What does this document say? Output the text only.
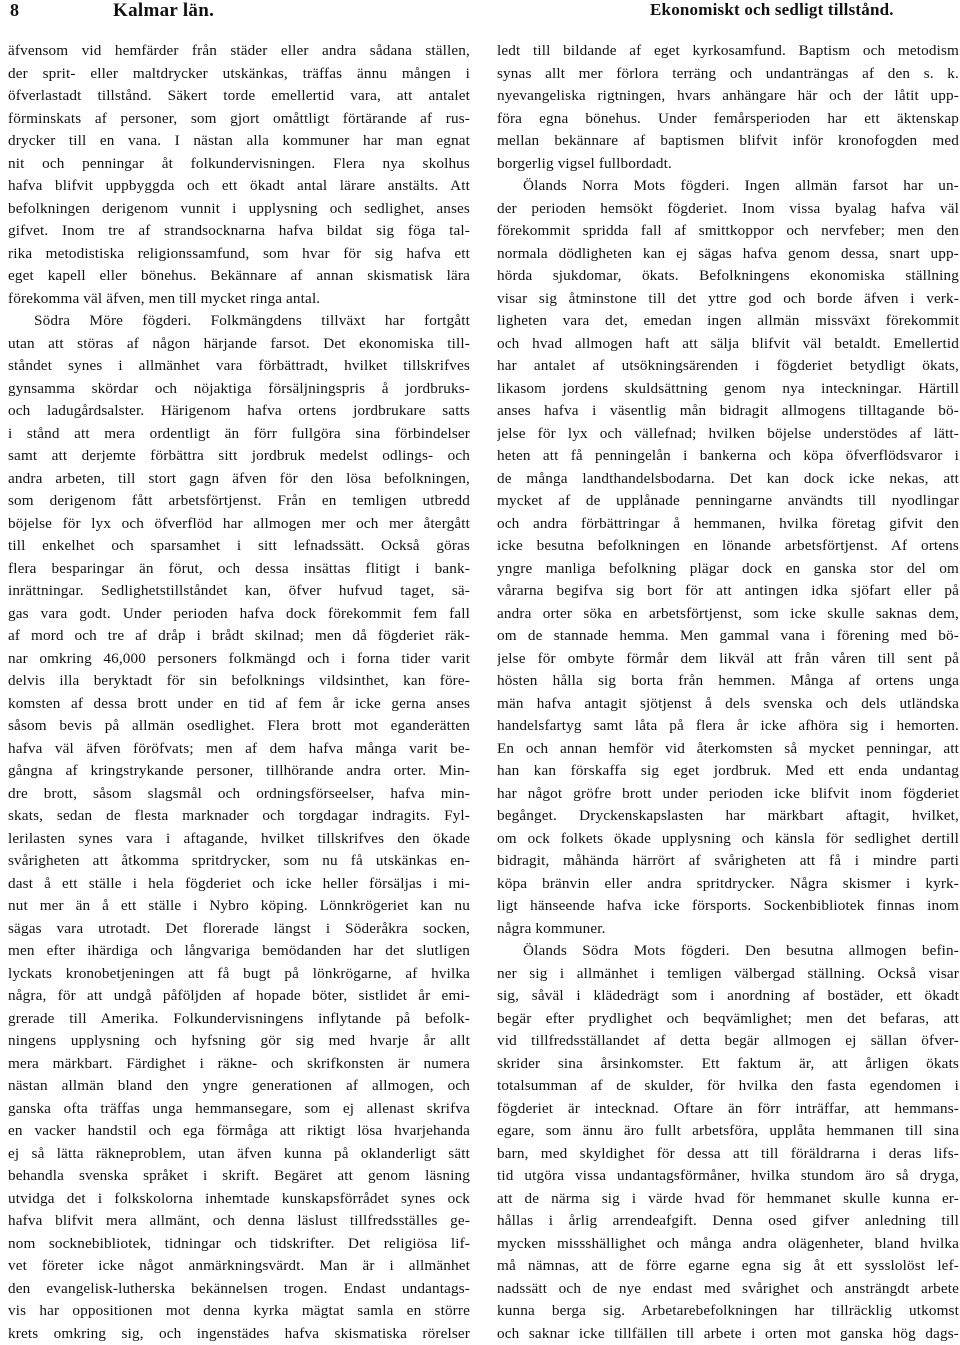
8	Kalmar län.	Ekonomiskt och sedligt tillstånd.
äfvensom vid hemfärder från städer eller andra sådana ställen,
der sprit- eller maltdrycker utskänkas, träffas ännu mången i
öfverlastadt tillstånd. Säkert torde emellertid vara, att antalet
förminskats af personer, som gjort omåttligt förtärande af rus-
drycker till en vana. I nästan alla kommuner har man egnat
nit och penningar åt folkundervisningen. Flera nya skolhus
hafva blifvit uppbyggda och ett ökadt antal lärare anstälts. Att
befolkningen derigenom vunnit i upplysning och sedlighet, anses
gifvet. Inom tre af strandsocknarna hafva bildat sig föga tal-
rika metodistiska religionssamfund, som hvar för sig hafva ett
eget kapell eller bönehus. Bekännare af annan skismatisk lära
förekomma väl äfven, men till mycket ringa antal.
Södra Möre fögderi. Folkmängdens tillväxt har fortgått
utan att störas af någon härjande farsot. Det ekonomiska till-
ståndet synes i allmänhet vara förbättradt, hvilket tillskrifves
gynsamma skördar och nöjaktiga försäljningspris å jordbruks-
och ladugårdsalster. Härigenom hafva ortens jordbrukare satts
i stånd att mera ordentligt än förr fullgöra sina förbindelser
samt att derjemte förbättra sitt jordbruk medelst odlings- och
andra arbeten, till stort gagn äfven för den lösa befolkningen,
som derigenom fått arbetsförtjenst. Från en temligen utbredd
böjelse för lyx och öfverflöd har allmogen mer och mer återgått
till enkelhet och sparsamhet i sitt lefnadssätt. Också göras
flera besparingar än förut, och dessa insättas flitigt i bank-
inrättningar. Sedlighetstillståndet kan, öfver hufvud taget, sä-
gas vara godt. Under perioden hafva dock förekommit fem fall
af mord och tre af dråp i brådt skilnad; men då fögderiet räk-
nar omkring 46,000 personers folkmängd och i forna tider varit
delvis illa beryktadt för sin befolknings vildsinthet, kan före-
komsten af dessa brott under en tid af fem år icke gerna anses
såsom bevis på allmän osedlighet. Flera brott mot eganderätten
hafva väl äfven föröfvats; men af dem hafva många varit be-
gångna af kringstrykande personer, tillhörande andra orter. Min-
dre brott, såsom slagsmål och ordningsförseelser, hafva min-
skats, sedan de flesta marknader och torgdagar indragits. Fyl-
lerilasten synes vara i aftagande, hvilket tillskrifves den ökade
svårigheten att åtkomma spritdrycker, som nu få utskänkas en-
dast å ett ställe i hela fögderiet och icke heller försäljas i mi-
nut mer än å ett ställe i Nybro köping. Lönnkrögeriet kan nu
sägas vara utrotadt. Det florerade längst i Söderåkra socken,
men efter ihärdiga och långvariga bemödanden har det slutligen
lyckats kronobetjeningen att få bugt på lönkrögarne, af hvilka
några, för att undgå påföljden af hopade böter, sistlidet år emi-
grerade till Amerika. Folkundervisningens inflytande på befolk-
ningens upplysning och hyfsning gör sig med hvarje år allt
mera märkbart. Färdighet i räkne- och skrifkonsten är numera
nästan allmän bland den yngre generationen af allmogen, och
ganska ofta träffas unga hemmansegare, som ej allenast skrifva
en vacker handstil och ega förmåga att riktigt lösa hvarjehanda
ej så lätta räkneproblem, utan äfven kunna på oklanderligt sätt
behandla svenska språket i skrift. Begäret att genom läsning
utvidga det i folkskolorna inhemtade kunskapsförrådet synes ock
hafva blifvit mera allmänt, och denna läslust tillfredsställes ge-
nom socknebibliotek, tidningar och tidskrifter. Det religiösa lif-
vet företer icke något anmärkningsvärdt. Man är i allmänhet
den evangelisk-lutherska bekännelsen trogen. Endast undantags-
vis har oppositionen mot denna kyrka mägtat samla en större
krets omkring sig, och ingenstädes hafva skismatiska rörelser
ledt till bildande af eget kyrkosamfund. Baptism och metodism
synas allt mer förlora terräng och undanträngas af den s. k.
nyevangeliska rigtningen, hvars anhängare här och der låtit upp-
föra egna bönehus. Under femårsperioden har ett äktenskap
mellan bekännare af baptismen blifvit inför kronofogden med
borgerlig vigsel fullbordadt.
Ölands Norra Mots fögderi. Ingen allmän farsot har un-
der perioden hemsökt fögderiet. Inom vissa byalag hafva väl
förekommit spridda fall af smittkoppor och nervfeber; men den
normala dödligheten kan ej sägas hafva genom dessa, snart upp-
hörda sjukdomar, ökats. Befolkningens ekonomiska ställning
visar sig åtminstone till det yttre god och borde äfven i verk-
ligheten vara det, emedan ingen allmän missväxt förekommit
och hvad allmogen haft att sälja blifvit väl betaldt. Emellertid
har antalet af utsökningsärenden i fögderiet betydligt ökats,
likasom jordens skuldsättning genom nya inteckningar. Härtill
anses hafva i väsentlig mån bidragit allmogens tilltagande bö-
jelse för lyx och vällefnad; hvilken böjelse understödes af lätt-
heten att få penningelån i bankerna och köpa öfverflödsvaror i
de många landthandelsbodarna. Det kan dock icke nekas, att
mycket af de upplånade penningarne användts till nyodlingar
och andra förbättringar å hemmanen, hvilka företag gifvit den
icke besutna befolkningen en lönande arbetsförtjenst. Af ortens
yngre manliga befolkning plägar dock en ganska stor del om
vårarna begifva sig bort för att antingen idka sjöfart eller på
andra orter söka en arbetsförtjenst, som icke skulle saknas dem,
om de stannade hemma. Men gammal vana i förening med bö-
jelse för ombyte förmår dem likväl att från våren till sent på
hösten hålla sig borta från hemmen. Många af ortens unga
män hafva antagit sjötjenst å dels svenska och dels utländska
handelsfartyg samt låta på flera år icke afhöra sig i hemorten.
En och annan hemför vid återkomsten så mycket penningar, att
han kan förskaffa sig eget jordbruk. Med ett enda undantag
har något gröfre brott under perioden icke blifvit inom fögderiet
begånget. Dryckenskapslasten har märkbart aftagit, hvilket,
om ock folkets ökade upplysning och känsla för sedlighet dertill
bidragit, måhända härrört af svårigheten att få i mindre parti
köpa bränvin eller andra spritdrycker. Några skismer i kyrk-
ligt hänseende hafva icke försports. Sockenbibliotek finnas inom
några kommuner.
Ölands Södra Mots fögderi. Den besutna allmogen befin-
ner sig i allmänhet i temligen välbergad ställning. Också visar
sig, såväl i klädedrägt som i anordning af bostäder, ett ökadt
begär efter prydlighet och beqvämlighet; men det befaras, att
vid tillfredsställandet af detta begär allmogen ej sällan öfver-
skrider sina årsinkomster. Ett faktum är, att årligen ökats
totalsumman af de skulder, för hvilka den fasta egendomen i
fögderiet är intecknad. Oftare än förr inträffar, att hemmans-
egare, som ännu äro fullt arbetsföra, upplåta hemmanen till sina
barn, med skyldighet för dessa att till föräldrarna i deras lifs-
tid utgöra vissa undantagsförmåner, hvilka stundom äro så dryga,
att de närma sig i värde hvad för hemmanet skulle kunna er-
hållas i årlig arrendeafgift. Denna osed gifver anledning till
mycken missshällighet och många andra olägenheter, bland hvilka
må nämnas, att de förre egarne egna sig åt ett sysslolöst lef-
nadssätt och de nye endast med svårighet och ansträngdt arbete
kunna berga sig. Arbetarebefolkningen har tillräcklig utkomst
och saknar icke tillfällen till arbete i orten mot ganska hög dags-
